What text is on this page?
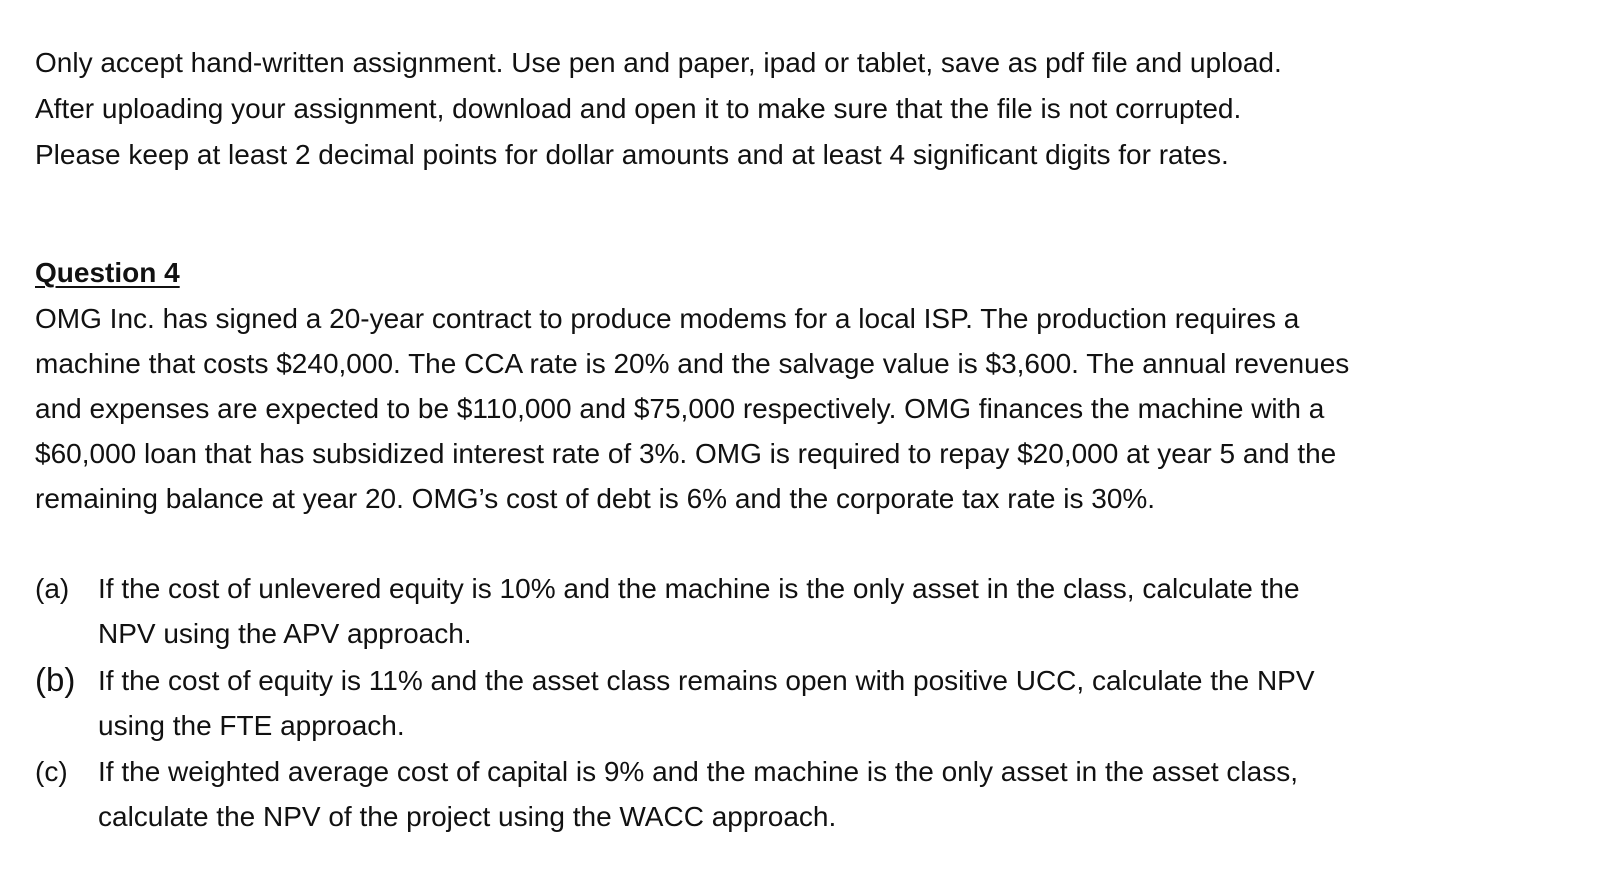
Only accept hand-written assignment. Use pen and paper, ipad or tablet, save as pdf file and upload.
After uploading your assignment, download and open it to make sure that the file is not corrupted.
Please keep at least 2 decimal points for dollar amounts and at least 4 significant digits for rates.
Question 4
OMG Inc. has signed a 20-year contract to produce modems for a local ISP. The production requires a
machine that costs $240,000. The CCA rate is 20% and the salvage value is $3,600. The annual revenues
and expenses are expected to be $110,000 and $75,000 respectively. OMG finances the machine with a
$60,000 loan that has subsidized interest rate of 3%. OMG is required to repay $20,000 at year 5 and the
remaining balance at year 20. OMG’s cost of debt is 6% and the corporate tax rate is 30%.
(a) If the cost of unlevered equity is 10% and the machine is the only asset in the class, calculate the
NPV using the APV approach.
(b) If the cost of equity is 11% and the asset class remains open with positive UCC, calculate the NPV
using the FTE approach.
(c) If the weighted average cost of capital is 9% and the machine is the only asset in the asset class,
calculate the NPV of the project using the WACC approach.
